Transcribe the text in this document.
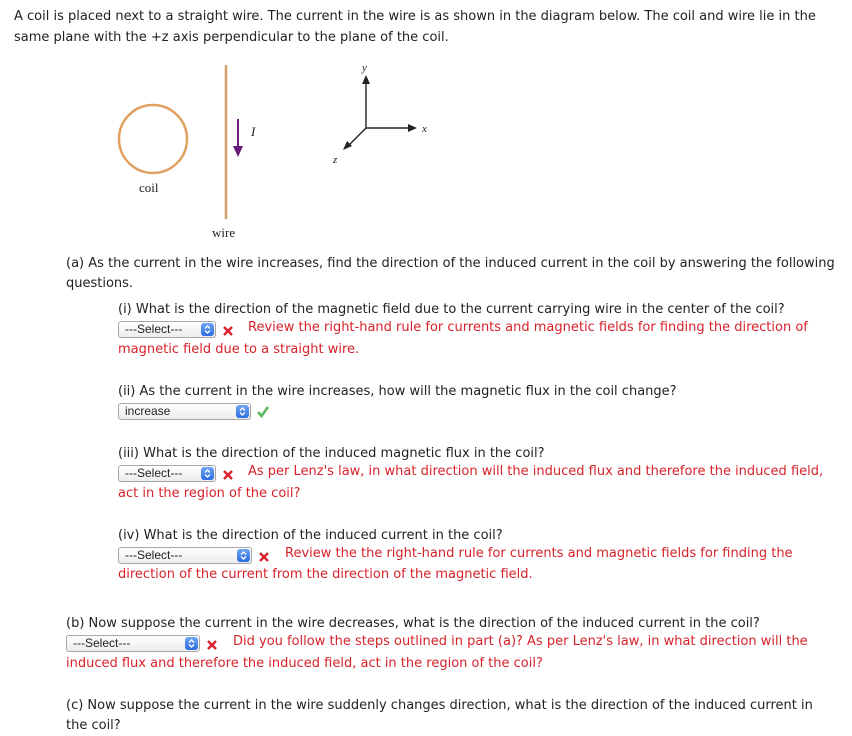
A coil is placed next to a straight wire. The current in the wire is as shown in the diagram below. The coil and wire lie in the
same plane with the +z axis perpendicular to the plane of the coil.
coil
wire
I
y
x
z
(a) As the current in the wire increases, find the direction of the induced current in the coil by answering the following
questions.
(i) What is the direction of the magnetic field due to the current carrying wire in the center of the coil?
---Select---	Review the right-hand rule for currents and magnetic fields for finding the direction of
magnetic field due to a straight wire.
(ii) As the current in the wire increases, how will the magnetic flux in the coil change?
increase
(iii) What is the direction of the induced magnetic flux in the coil?
---Select---	As per Lenz's law, in what direction will the induced flux and therefore the induced field,
act in the region of the coil?
(iv) What is the direction of the induced current in the coil?
---Select---	Review the the right-hand rule for currents and magnetic fields for finding the
direction of the current from the direction of the magnetic field.
(b) Now suppose the current in the wire decreases, what is the direction of the induced current in the coil?
---Select---	Did you follow the steps outlined in part (a)? As per Lenz's law, in what direction will the
induced flux and therefore the induced field, act in the region of the coil?
(c) Now suppose the current in the wire suddenly changes direction, what is the direction of the induced current in
the coil?
